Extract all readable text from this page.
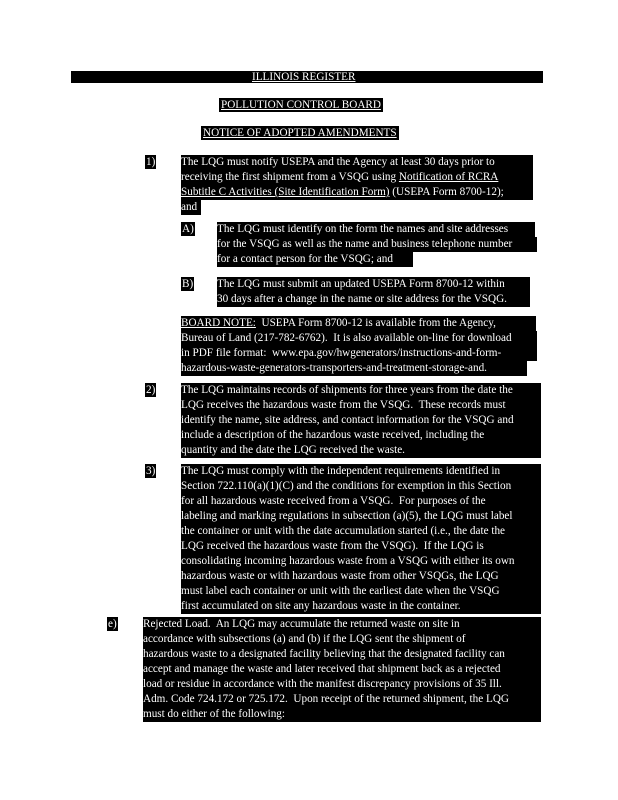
ILLINOIS REGISTER
POLLUTION CONTROL BOARD
NOTICE OF ADOPTED AMENDMENTS
1) The LQG must notify USEPA and the Agency at least 30 days prior to
receiving the first shipment from a VSQG using Notification of RCRA
Subtitle C Activities (Site Identification Form) (USEPA Form 8700-12);
and
A) The LQG must identify on the form the names and site addresses
for the VSQG as well as the name and business telephone number
for a contact person for the VSQG; and
B) The LQG must submit an updated USEPA Form 8700-12 within
30 days after a change in the name or site address for the VSQG.
BOARD NOTE:  USEPA Form 8700-12 is available from the Agency,
Bureau of Land (217-782-6762).  It is also available on-line for download
in PDF file format:  www.epa.gov/hwgenerators/instructions-and-form-
hazardous-waste-generators-transporters-and-treatment-storage-and.
2) The LQG maintains records of shipments for three years from the date the
LQG receives the hazardous waste from the VSQG.  These records must
identify the name, site address, and contact information for the VSQG and
include a description of the hazardous waste received, including the
quantity and the date the LQG received the waste.
3) The LQG must comply with the independent requirements identified in
Section 722.110(a)(1)(C) and the conditions for exemption in this Section
for all hazardous waste received from a VSQG.  For purposes of the
labeling and marking regulations in subsection (a)(5), the LQG must label
the container or unit with the date accumulation started (i.e., the date the
LQG received the hazardous waste from the VSQG).  If the LQG is
consolidating incoming hazardous waste from a VSQG with either its own
hazardous waste or with hazardous waste from other VSQGs, the LQG
must label each container or unit with the earliest date when the VSQG
first accumulated on site any hazardous waste in the container.
e) Rejected Load.  An LQG may accumulate the returned waste on site in
accordance with subsections (a) and (b) if the LQG sent the shipment of
hazardous waste to a designated facility believing that the designated facility can
accept and manage the waste and later received that shipment back as a rejected
load or residue in accordance with the manifest discrepancy provisions of 35 Ill.
Adm. Code 724.172 or 725.172.  Upon receipt of the returned shipment, the LQG
must do either of the following:
